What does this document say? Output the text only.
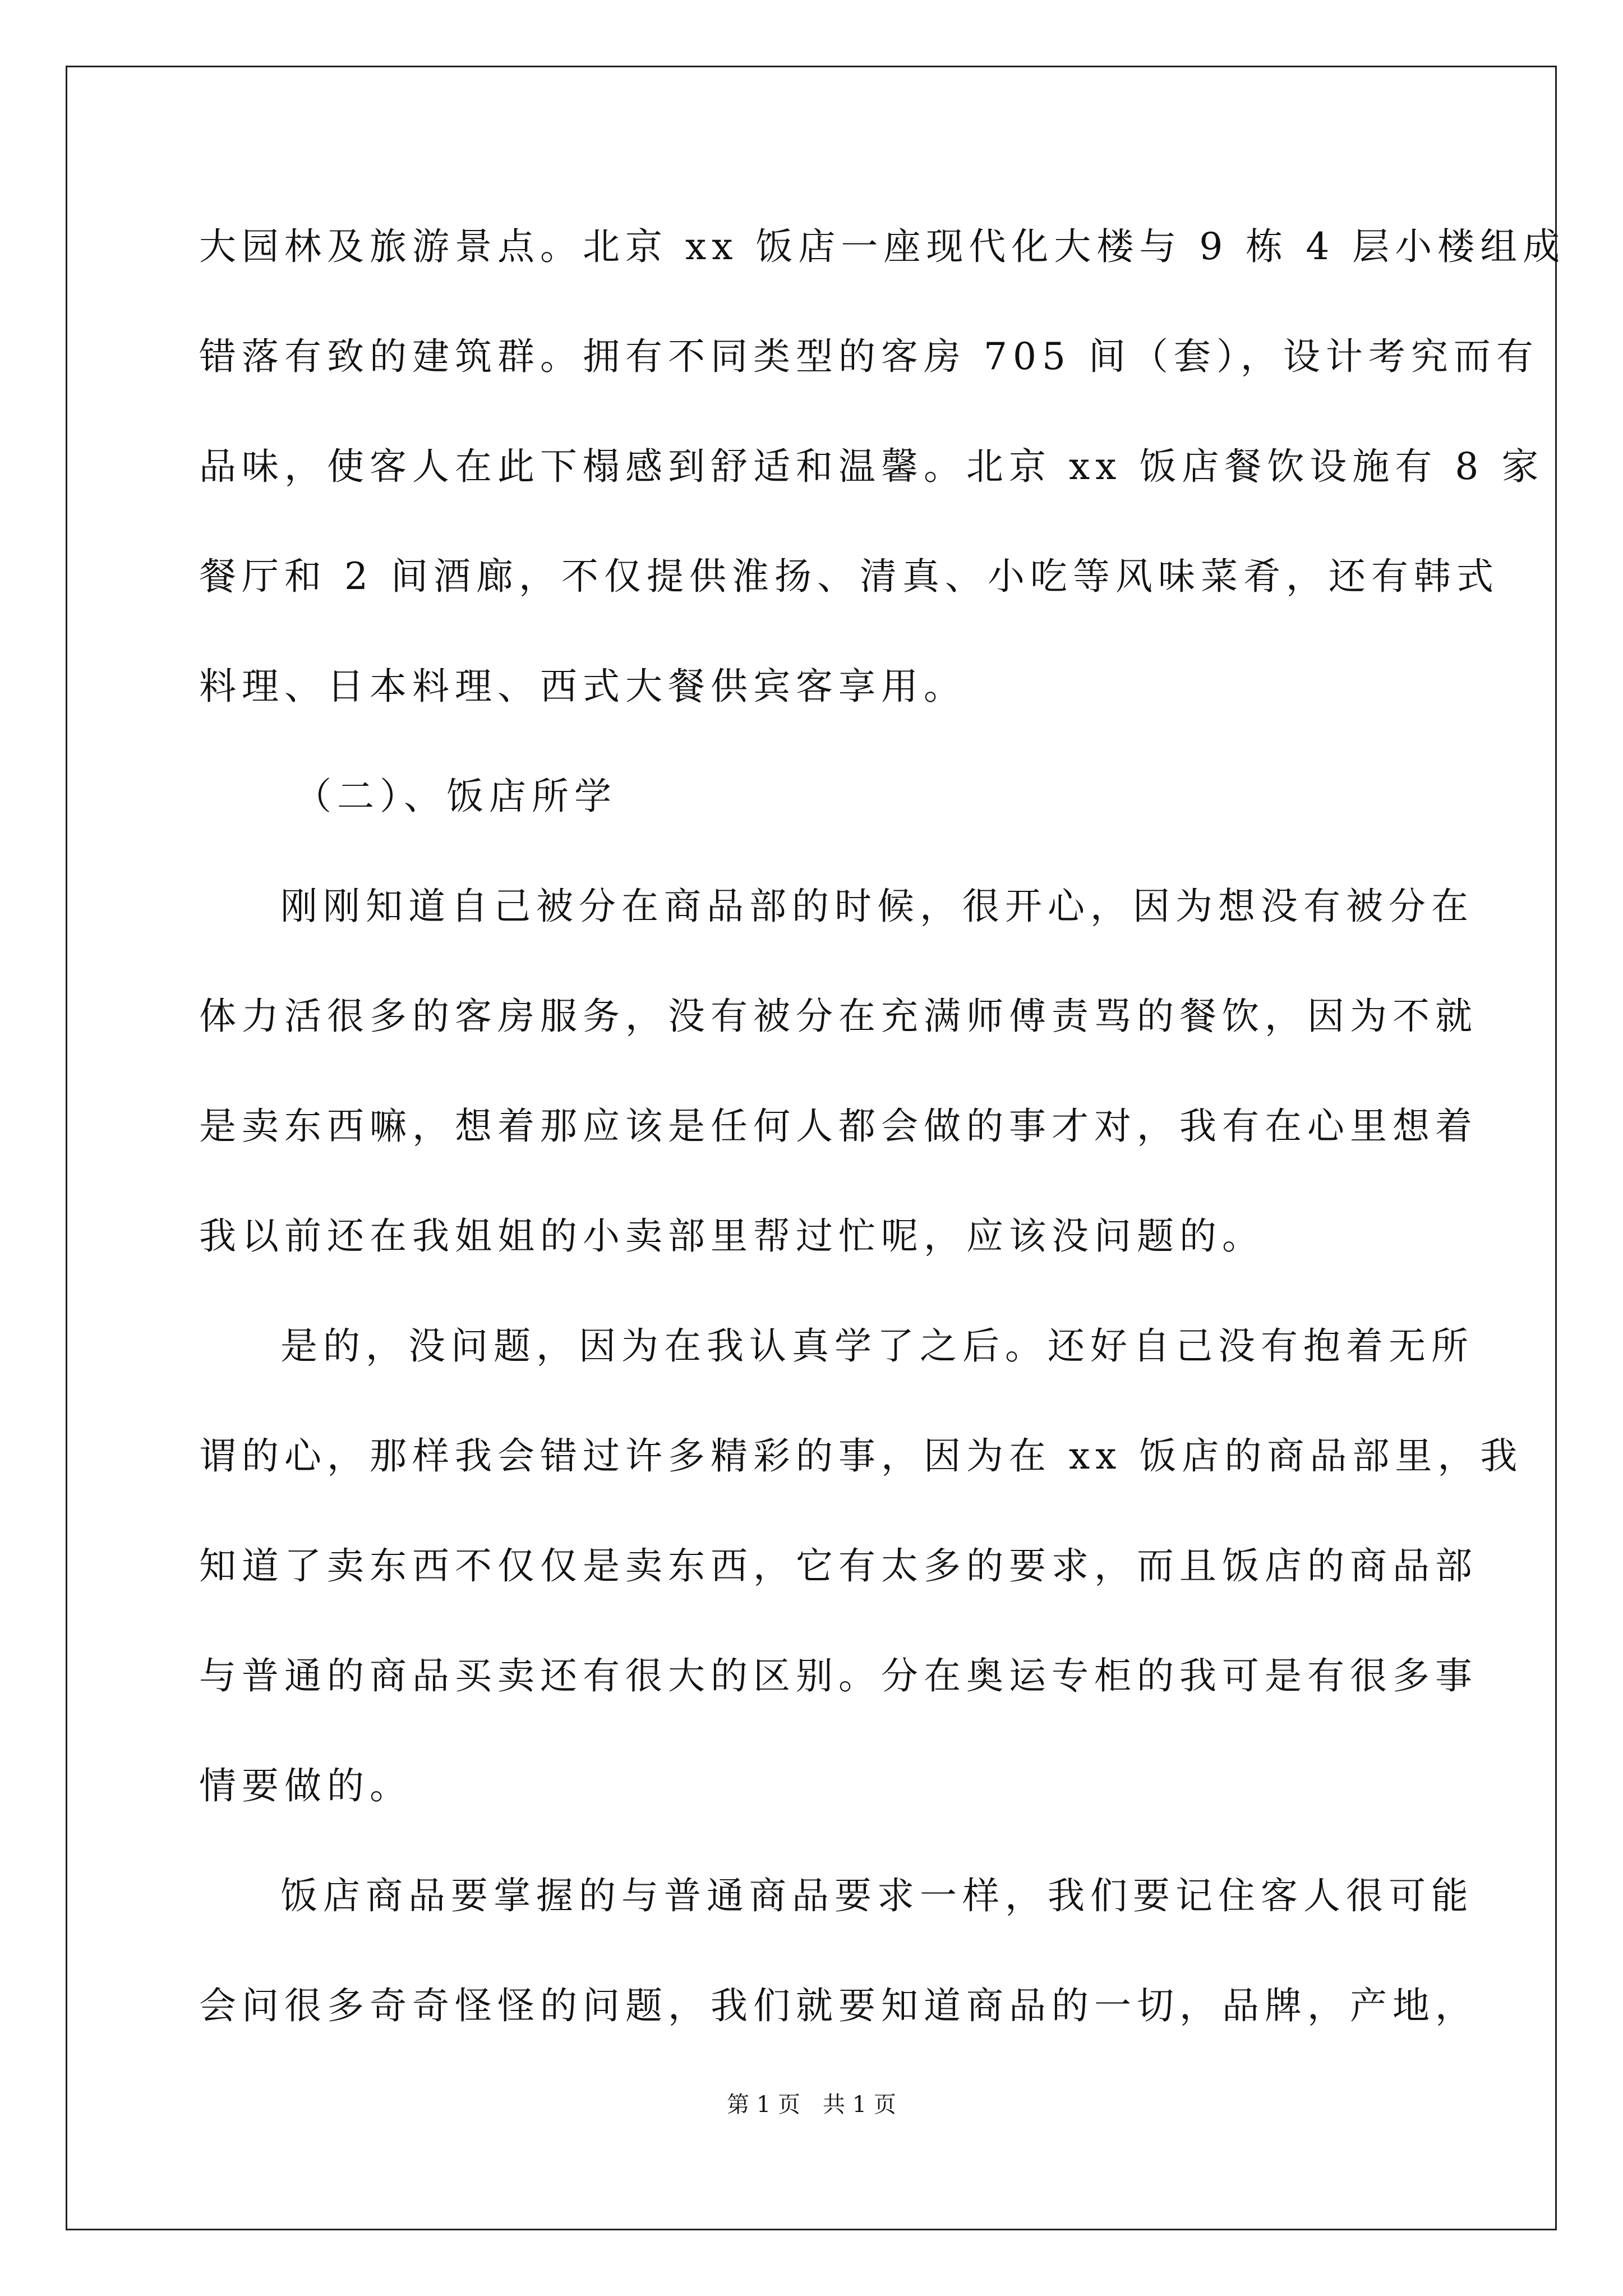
大园林及旅游景点。北京 xx 饭店一座现代化大楼与 9 栋 4 层小楼组成
错落有致的建筑群。拥有不同类型的客房 705 间（套），设计考究而有
品味，使客人在此下榻感到舒适和温馨。北京 xx 饭店餐饮设施有 8 家
餐厅和 2 间酒廊，不仅提供淮扬、清真、小吃等风味菜肴，还有韩式
料理、日本料理、西式大餐供宾客享用。
（二）、饭店所学
刚刚知道自己被分在商品部的时候，很开心，因为想没有被分在
体力活很多的客房服务，没有被分在充满师傅责骂的餐饮，因为不就
是卖东西嘛，想着那应该是任何人都会做的事才对，我有在心里想着
我以前还在我姐姐的小卖部里帮过忙呢，应该没问题的。
是的，没问题，因为在我认真学了之后。还好自己没有抱着无所
谓的心，那样我会错过许多精彩的事，因为在 xx 饭店的商品部里，我
知道了卖东西不仅仅是卖东西，它有太多的要求，而且饭店的商品部
与普通的商品买卖还有很大的区别。分在奥运专柜的我可是有很多事
情要做的。
饭店商品要掌握的与普通商品要求一样，我们要记住客人很可能
会问很多奇奇怪怪的问题，我们就要知道商品的一切，品牌，产地，
第 1 页　共 1 页
